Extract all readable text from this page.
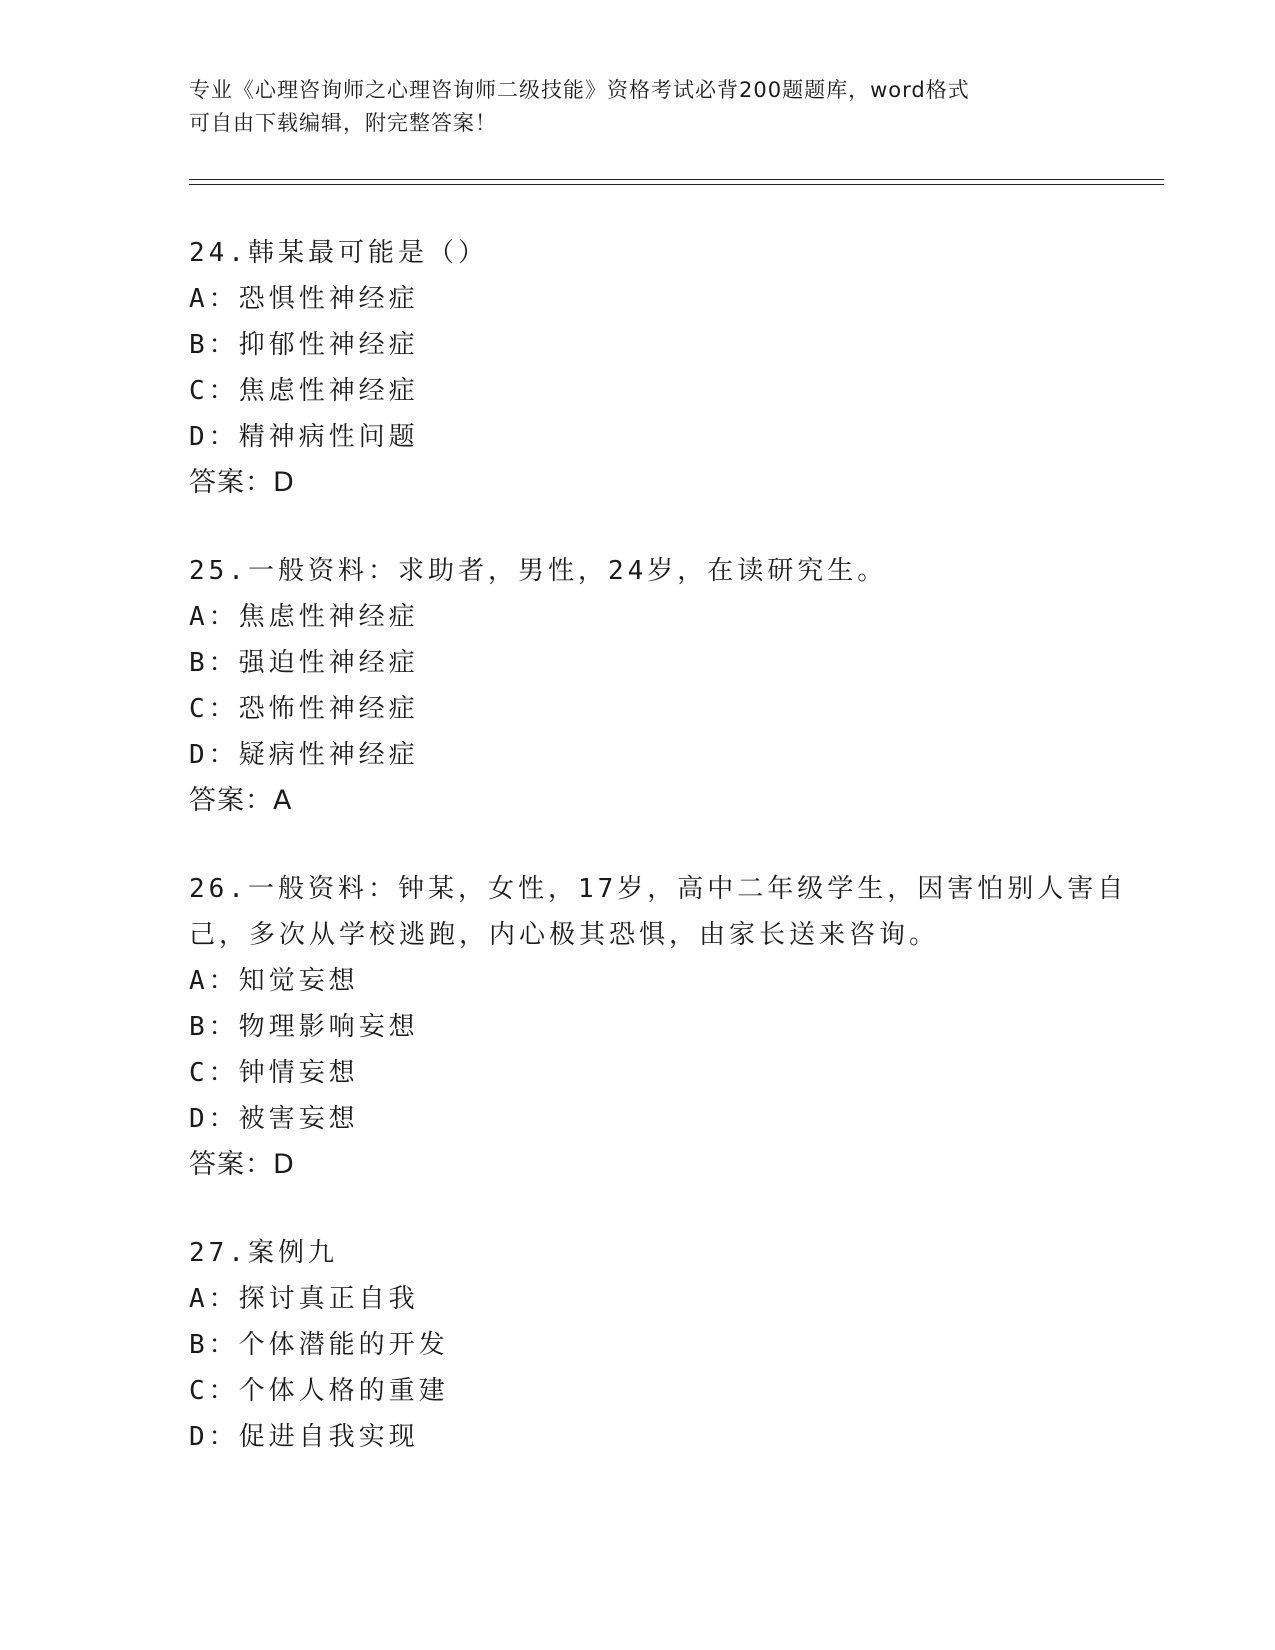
专业《心理咨询师之心理咨询师二级技能》资格考试必背200题题库，word格式
可自由下载编辑，附完整答案！
24.韩某最可能是（）
A：恐惧性神经症
B：抑郁性神经症
C：焦虑性神经症
D：精神病性问题
答案：D
25.一般资料：求助者，男性，24岁，在读研究生。
A：焦虑性神经症
B：强迫性神经症
C：恐怖性神经症
D：疑病性神经症
答案：A
26.一般资料：钟某，女性，17岁，高中二年级学生，因害怕别人害自
己，多次从学校逃跑，内心极其恐惧，由家长送来咨询。
A：知觉妄想
B：物理影响妄想
C：钟情妄想
D：被害妄想
答案：D
27.案例九
A：探讨真正自我
B：个体潜能的开发
C：个体人格的重建
D：促进自我实现
